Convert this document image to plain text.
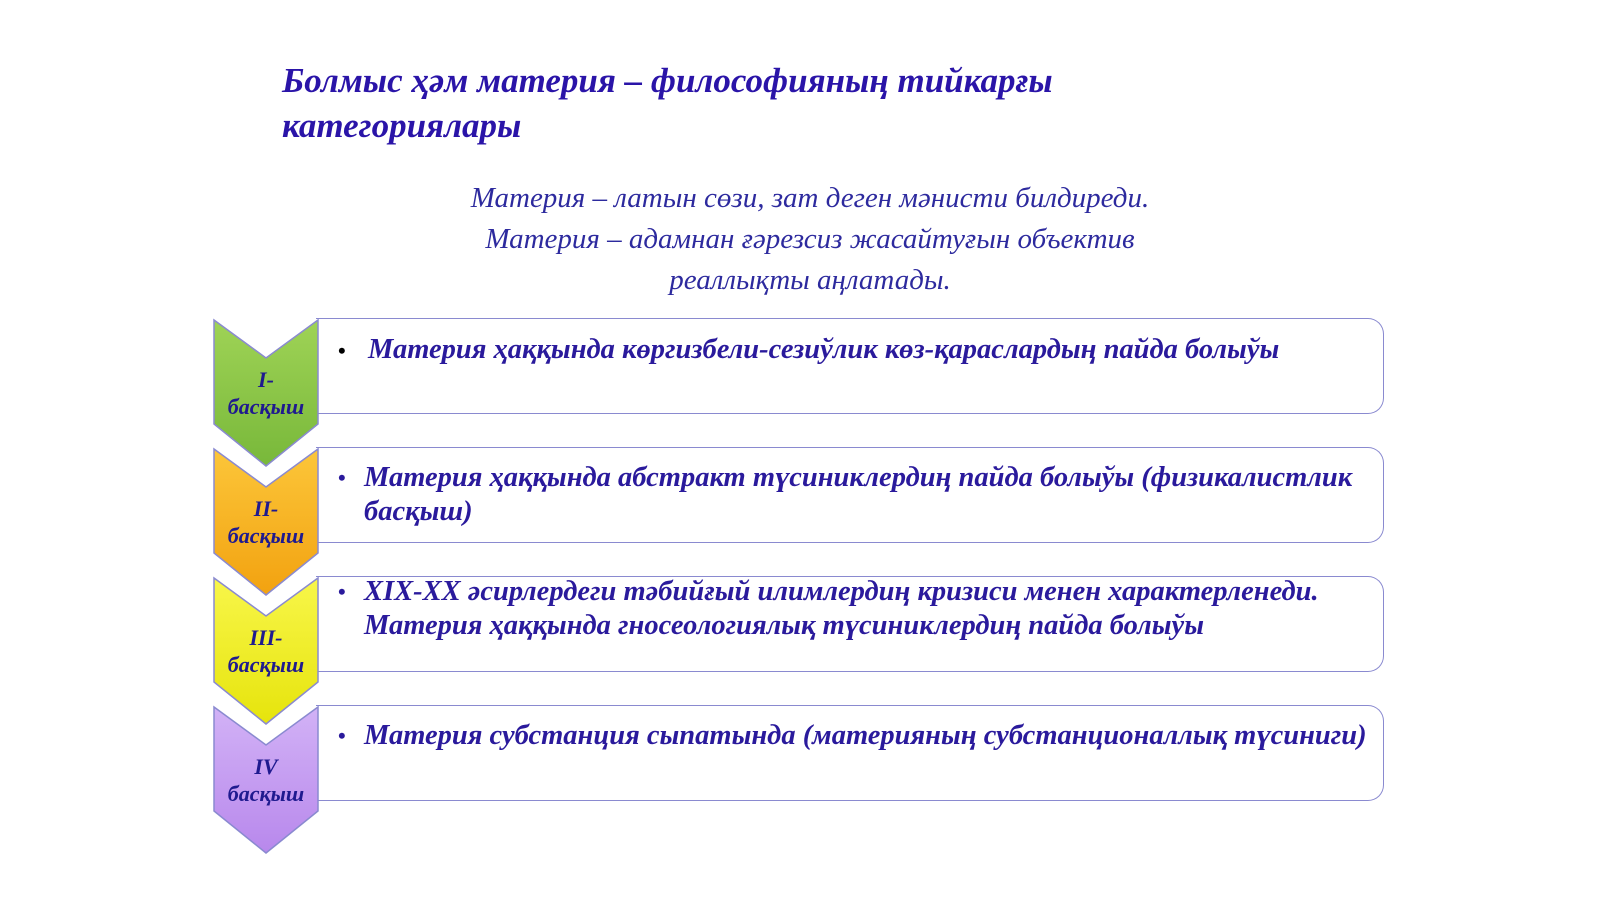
Болмыс ҳәм материя – философияның тийкарғы
категориялары
Материя – латын сөзи, зат деген мәнисти билдиреди.
Материя – адамнан ғәрезсиз жасайтуғын объектив
реаллықты аңлатады.
• Материя ҳаққында көргизбели-сезиўлик көз-қараслардың пайда болыўы
I-
басқыш
• Материя ҳаққында абстракт түсиниклердиң пайда болыўы (физикалистлик басқыш)
II-
басқыш
• XIX-XX әсирлердеги тәбийғый илимлердиң кризиси менен характерленеди. Материя ҳаққында гносеологиялық түсиниклердиң пайда болыўы
III-
басқыш
• Материя субстанция сыпатында (материяның субстанционаллық түсиниги)
IV
басқыш
